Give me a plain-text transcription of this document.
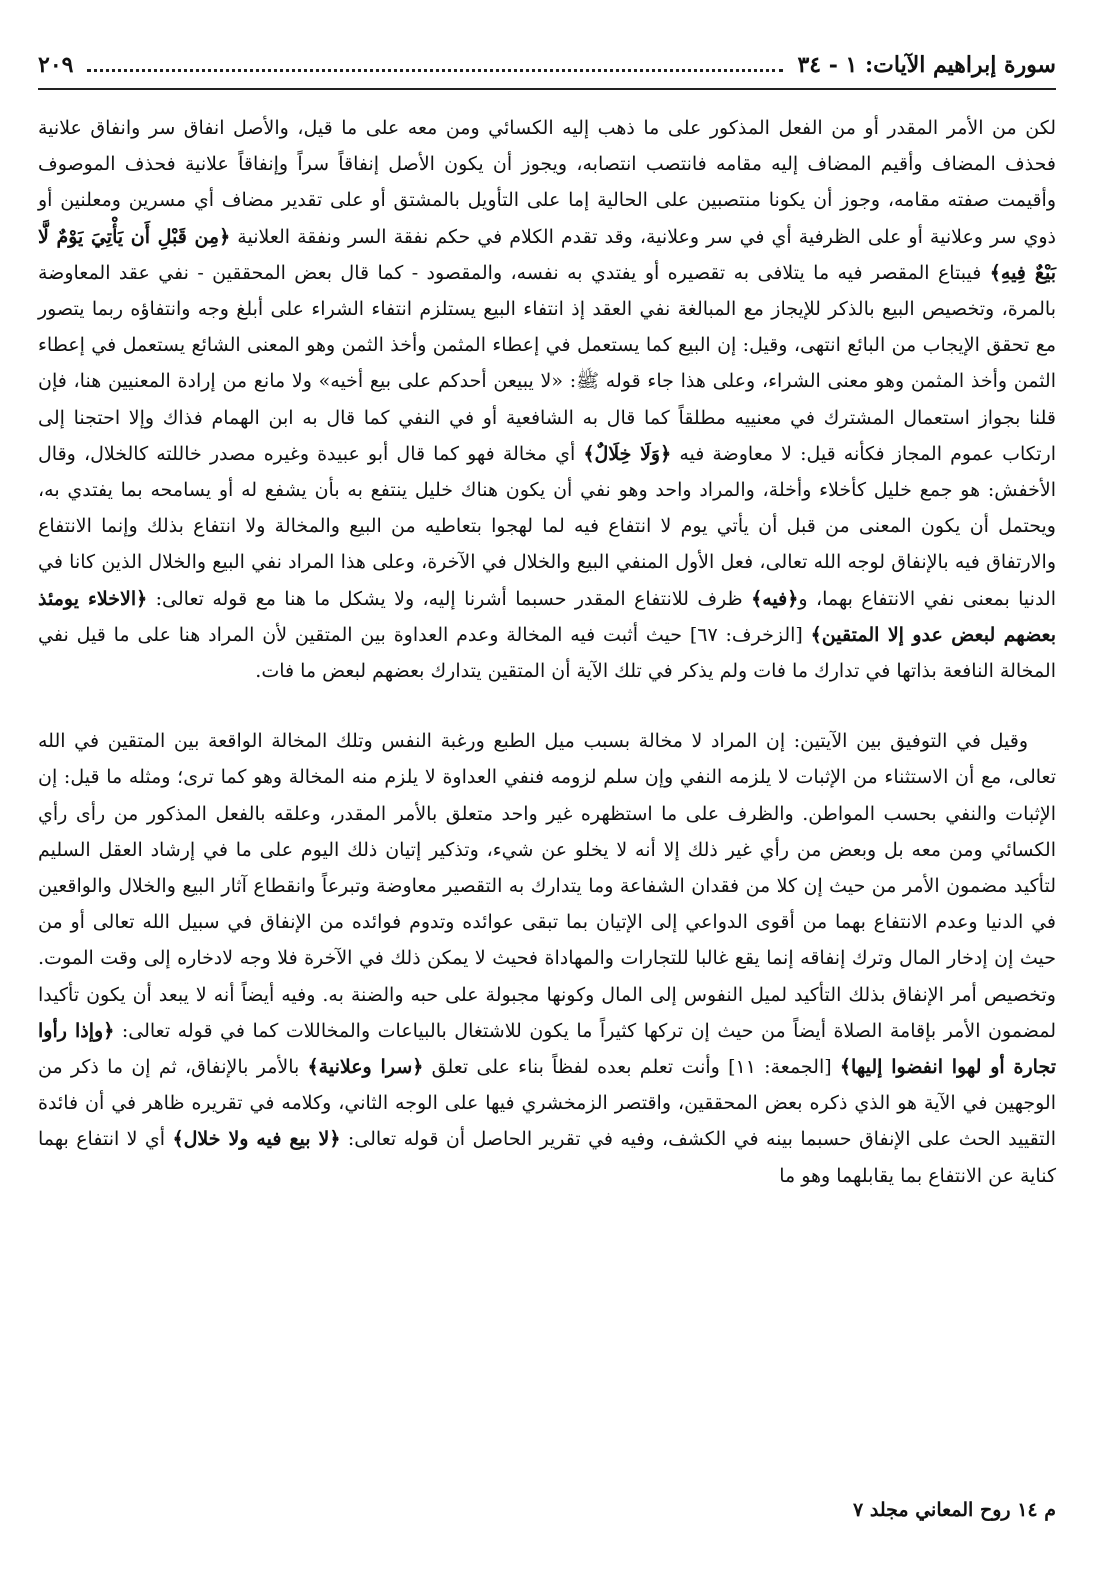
سورة إبراهيم الآيات: ١ - ٣٤
٢٠٩

لكن من الأمر المقدر أو من الفعل المذكور على ما ذهب إليه الكسائي ومن معه على ما قيل، والأصل انفاق سر وانفاق علانية فحذف المضاف وأقيم المضاف إليه مقامه فانتصب انتصابه، ويجوز أن يكون الأصل إنفاقاً سراً وإنفاقاً علانية فحذف الموصوف وأقيمت صفته مقامه، وجوز أن يكونا منتصبين على الحالية إما على التأويل بالمشتق أو على تقدير مضاف أي مسرين ومعلنين أو ذوي سر وعلانية أو على الظرفية أي في سر وعلانية، وقد تقدم الكلام في حكم نفقة السر ونفقة العلانية ﴿مِن قَبْلِ أَن يَأْتِيَ يَوْمٌ لَّا بَيْعٌ فِيهِ﴾ فيبتاع المقصر فيه ما يتلافى به تقصيره أو يفتدي به نفسه، والمقصود - كما قال بعض المحققين - نفي عقد المعاوضة بالمرة، وتخصيص البيع بالذكر للإيجاز مع المبالغة نفي العقد إذ انتفاء البيع يستلزم انتفاء الشراء على أبلغ وجه وانتفاؤه ربما يتصور مع تحقق الإيجاب من البائع انتهى، وقيل: إن البيع كما يستعمل في إعطاء المثمن وأخذ الثمن وهو المعنى الشائع يستعمل في إعطاء الثمن وأخذ المثمن وهو معنى الشراء، وعلى هذا جاء قوله ﷺ: «لا يبيعن أحدكم على بيع أخيه» ولا مانع من إرادة المعنيين هنا، فإن قلنا بجواز استعمال المشترك في معنييه مطلقاً كما قال به الشافعية أو في النفي كما قال به ابن الهمام فذاك وإلا احتجنا إلى ارتكاب عموم المجاز فكأنه قيل: لا معاوضة فيه ﴿وَلَا خِلَالٌ﴾ أي مخالة فهو كما قال أبو عبيدة وغيره مصدر خاللته كالخلال، وقال الأخفش: هو جمع خليل كأخلاء وأخلة، والمراد واحد وهو نفي أن يكون هناك خليل ينتفع به بأن يشفع له أو يسامحه بما يفتدي به، ويحتمل أن يكون المعنى من قبل أن يأتي يوم لا انتفاع فيه لما لهجوا بتعاطيه من البيع والمخالة ولا انتفاع بذلك وإنما الانتفاع والارتفاق فيه بالإنفاق لوجه الله تعالى، فعل الأول المنفي البيع والخلال في الآخرة، وعلى هذا المراد نفي البيع والخلال الذين كانا في الدنيا بمعنى نفي الانتفاع بهما، و﴿فيه﴾ ظرف للانتفاع المقدر حسبما أشرنا إليه، ولا يشكل ما هنا مع قوله تعالى: ﴿الاخلاء يومئذ بعضهم لبعض عدو إلا المتقين﴾ [الزخرف: ٦٧] حيث أثبت فيه المخالة وعدم العداوة بين المتقين لأن المراد هنا على ما قيل نفي المخالة النافعة بذاتها في تدارك ما فات ولم يذكر في تلك الآية أن المتقين يتدارك بعضهم لبعض ما فات.

وقيل في التوفيق بين الآيتين: إن المراد لا مخالة بسبب ميل الطبع ورغبة النفس وتلك المخالة الواقعة بين المتقين في الله تعالى، مع أن الاستثناء من الإثبات لا يلزمه النفي وإن سلم لزومه فنفي العداوة لا يلزم منه المخالة وهو كما ترى؛ ومثله ما قيل: إن الإثبات والنفي بحسب المواطن. والظرف على ما استظهره غير واحد متعلق بالأمر المقدر، وعلقه بالفعل المذكور من رأى رأي الكسائي ومن معه بل وبعض من رأي غير ذلك إلا أنه لا يخلو عن شيء، وتذكير إتيان ذلك اليوم على ما في إرشاد العقل السليم لتأكيد مضمون الأمر من حيث إن كلا من فقدان الشفاعة وما يتدارك به التقصير معاوضة وتبرعاً وانقطاع آثار البيع والخلال والواقعين في الدنيا وعدم الانتفاع بهما من أقوى الدواعي إلى الإتيان بما تبقى عوائده وتدوم فوائده من الإنفاق في سبيل الله تعالى أو من حيث إن إدخار المال وترك إنفاقه إنما يقع غالبا للتجارات والمهاداة فحيث لا يمكن ذلك في الآخرة فلا وجه لادخاره إلى وقت الموت. وتخصيص أمر الإنفاق بذلك التأكيد لميل النفوس إلى المال وكونها مجبولة على حبه والضنة به. وفيه أيضاً أنه لا يبعد أن يكون تأكيدا لمضمون الأمر بإقامة الصلاة أيضاً من حيث إن تركها كثيراً ما يكون للاشتغال بالبياعات والمخاللات كما في قوله تعالى: ﴿وإذا رأوا تجارة أو لهوا انفضوا إليها﴾ [الجمعة: ١١] وأنت تعلم بعده لفظاً بناء على تعلق ﴿سرا وعلانية﴾ بالأمر بالإنفاق، ثم إن ما ذكر من الوجهين في الآية هو الذي ذكره بعض المحققين، واقتصر الزمخشري فيها على الوجه الثاني، وكلامه في تقريره ظاهر في أن فائدة التقييد الحث على الإنفاق حسبما بينه في الكشف، وفيه في تقرير الحاصل أن قوله تعالى: ﴿لا بيع فيه ولا خلال﴾ أي لا انتفاع بهما كناية عن الانتفاع بما يقابلهما وهو ما

م ١٤ روح المعاني مجلد ٧
